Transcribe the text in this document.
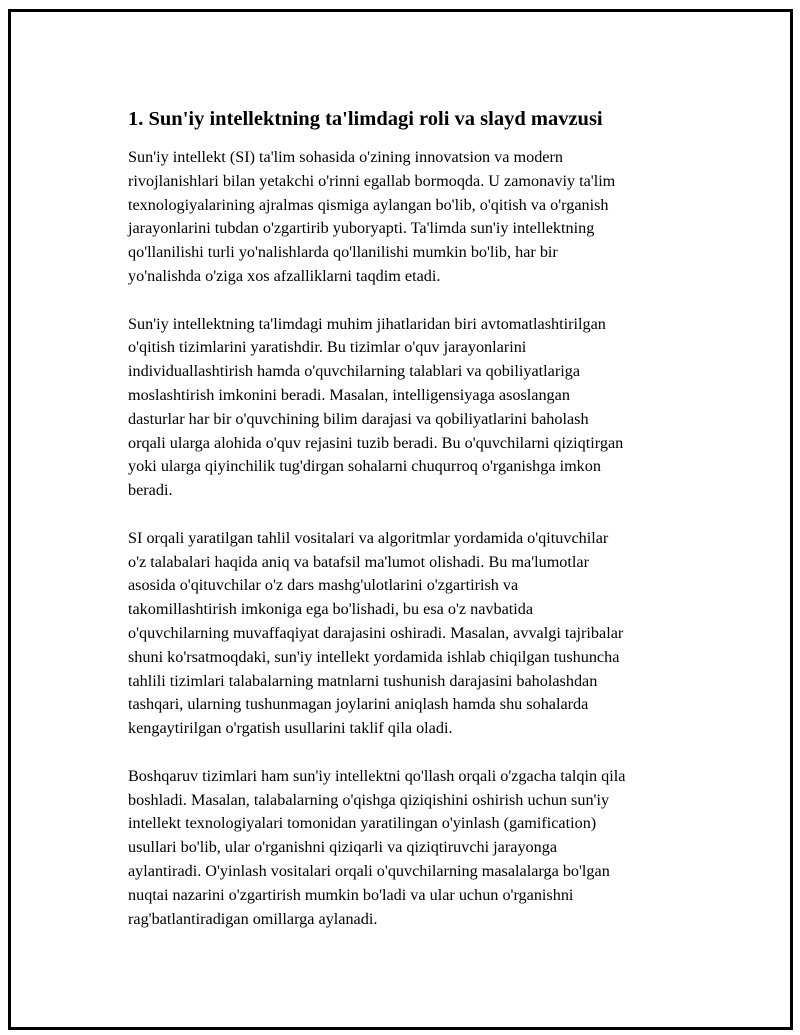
1. Sun'iy intellektning ta'limdagi roli va slayd mavzusi

Sun'iy intellekt (SI) ta'lim sohasida o'zining innovatsion va modern
rivojlanishlari bilan yetakchi o'rinni egallab bormoqda. U zamonaviy ta'lim
texnologiyalarining ajralmas qismiga aylangan bo'lib, o'qitish va o'rganish
jarayonlarini tubdan o'zgartirib yuboryapti. Ta'limda sun'iy intellektning
qo'llanilishi turli yo'nalishlarda qo'llanilishi mumkin bo'lib, har bir
yo'nalishda o'ziga xos afzalliklarni taqdim etadi.

Sun'iy intellektning ta'limdagi muhim jihatlaridan biri avtomatlashtirilgan
o'qitish tizimlarini yaratishdir. Bu tizimlar o'quv jarayonlarini
individuallashtirish hamda o'quvchilarning talablari va qobiliyatlariga
moslashtirish imkonini beradi. Masalan, intelligensiyaga asoslangan
dasturlar har bir o'quvchining bilim darajasi va qobiliyatlarini baholash
orqali ularga alohida o'quv rejasini tuzib beradi. Bu o'quvchilarni qiziqtirgan
yoki ularga qiyinchilik tug'dirgan sohalarni chuqurroq o'rganishga imkon
beradi.

SI orqali yaratilgan tahlil vositalari va algoritmlar yordamida o'qituvchilar
o'z talabalari haqida aniq va batafsil ma'lumot olishadi. Bu ma'lumotlar
asosida o'qituvchilar o'z dars mashg'ulotlarini o'zgartirish va
takomillashtirish imkoniga ega bo'lishadi, bu esa o'z navbatida
o'quvchilarning muvaffaqiyat darajasini oshiradi. Masalan, avvalgi tajribalar
shuni ko'rsatmoqdaki, sun'iy intellekt yordamida ishlab chiqilgan tushuncha
tahlili tizimlari talabalarning matnlarni tushunish darajasini baholashdan
tashqari, ularning tushunmagan joylarini aniqlash hamda shu sohalarda
kengaytirilgan o'rgatish usullarini taklif qila oladi.

Boshqaruv tizimlari ham sun'iy intellektni qo'llash orqali o'zgacha talqin qila
boshladi. Masalan, talabalarning o'qishga qiziqishini oshirish uchun sun'iy
intellekt texnologiyalari tomonidan yaratilingan o'yinlash (gamification)
usullari bo'lib, ular o'rganishni qiziqarli va qiziqtiruvchi jarayonga
aylantiradi. O'yinlash vositalari orqali o'quvchilarning masalalarga bo'lgan
nuqtai nazarini o'zgartirish mumkin bo'ladi va ular uchun o'rganishni
rag'batlantiradigan omillarga aylanadi.
